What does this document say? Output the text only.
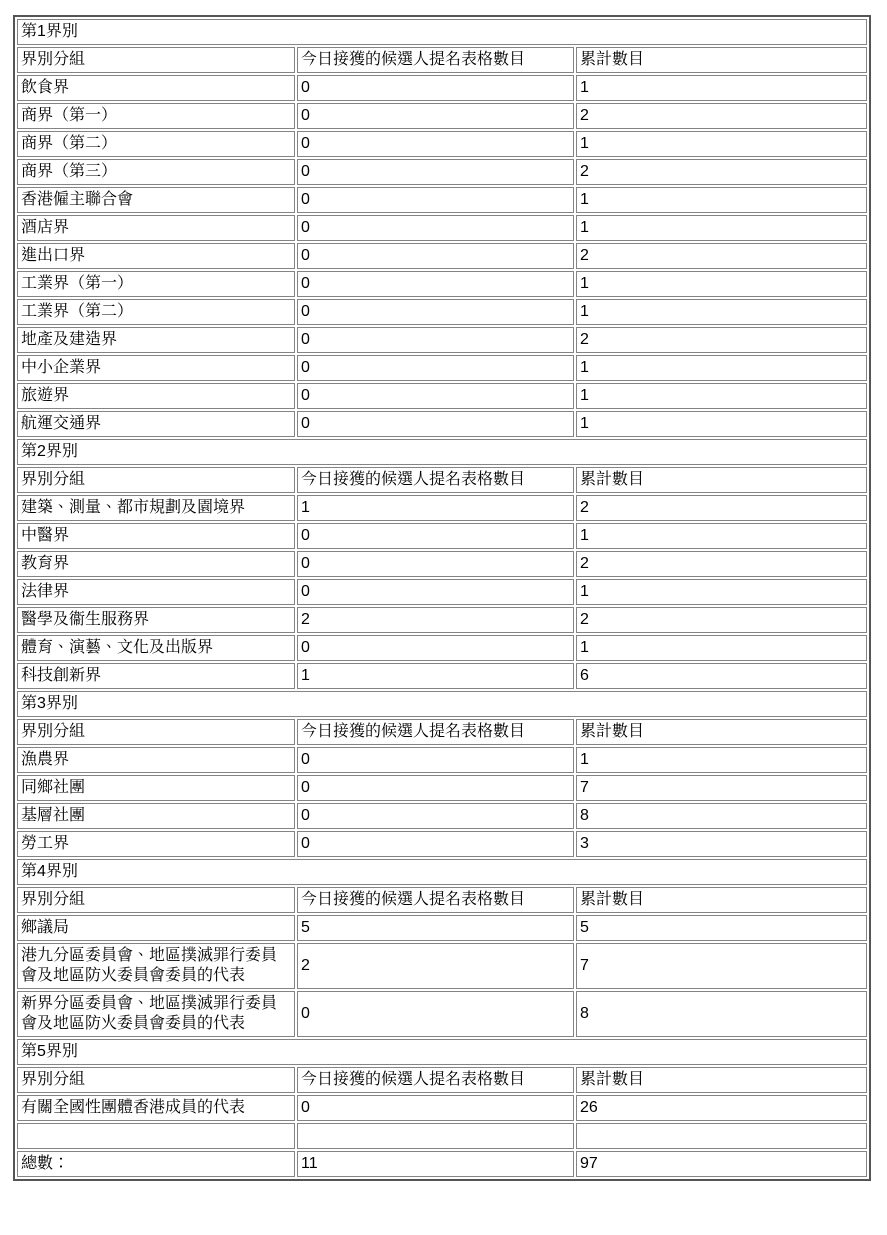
第1界別		
界別分組	今日接獲的候選人提名表格數目	累計數目
飲食界	0	1
商界（第一）	0	2
商界（第二）	0	1
商界（第三）	0	2
香港僱主聯合會	0	1
酒店界	0	1
進出口界	0	2
工業界（第一）	0	1
工業界（第二）	0	1
地產及建造界	0	2
中小企業界	0	1
旅遊界	0	1
航運交通界	0	1
第2界別		
界別分組	今日接獲的候選人提名表格數目	累計數目
建築、測量、都市規劃及園境界	1	2
中醫界	0	1
教育界	0	2
法律界	0	1
醫學及衞生服務界	2	2
體育、演藝、文化及出版界	0	1
科技創新界	1	6
第3界別		
界別分組	今日接獲的候選人提名表格數目	累計數目
漁農界	0	1
同鄉社團	0	7
基層社團	0	8
勞工界	0	3
第4界別		
界別分組	今日接獲的候選人提名表格數目	累計數目
鄉議局	5	5
港九分區委員會、地區撲滅罪行委員會及地區防火委員會委員的代表	2	7
新界分區委員會、地區撲滅罪行委員會及地區防火委員會委員的代表	0	8
第5界別		
界別分組	今日接獲的候選人提名表格數目	累計數目
有關全國性團體香港成員的代表	0	26

總數：	11	97
